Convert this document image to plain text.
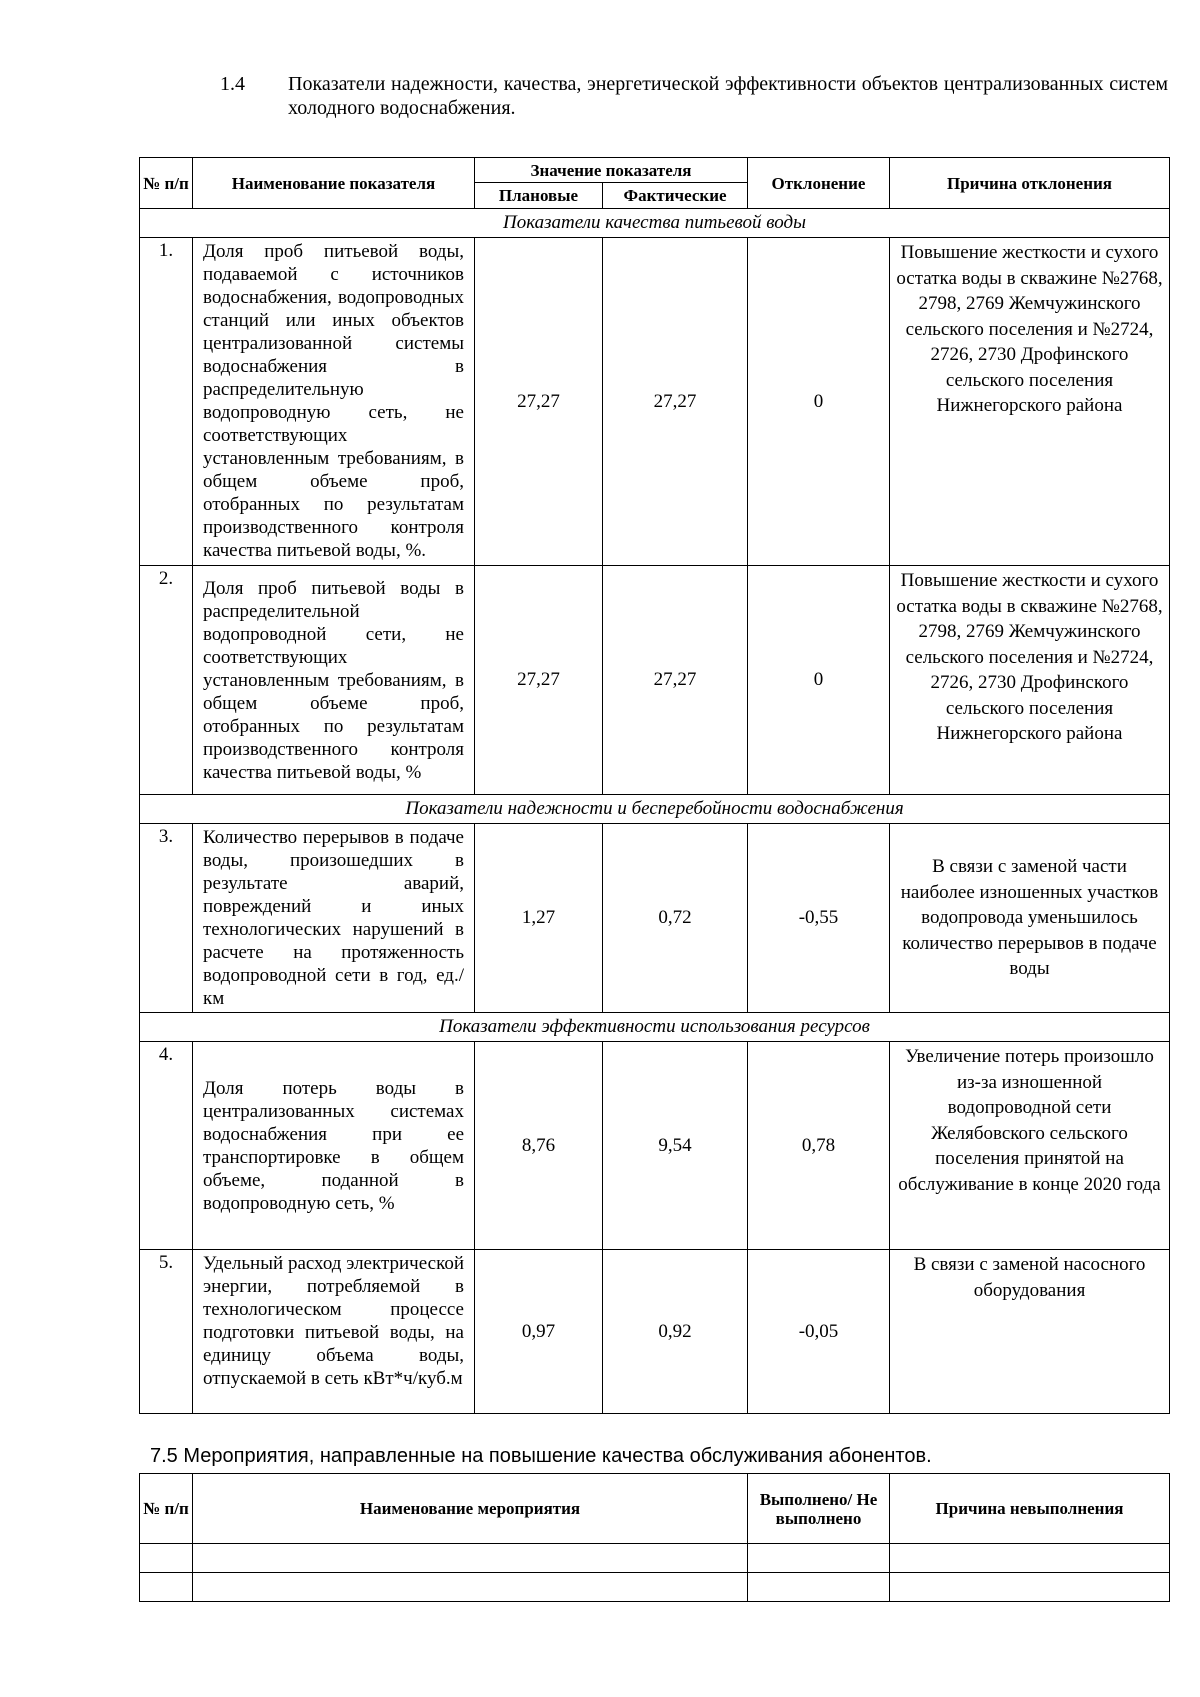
1.4 Показатели надежности, качества, энергетической эффективности объектов централизованных систем холодного водоснабжения.
№ п/п	Наименование показателя	Значение показателя		Отклонение	Причина отклонения
		Плановые	Фактические		
Показатели качества питьевой воды					
1.	Доля проб питьевой воды, подаваемой с источников водоснабжения, водопроводных станций или иных объектов централизованной системы водоснабжения в распределительную водопроводную сеть, не соответствующих установленным требованиям, в общем объеме проб, отобранных по результатам производственного контроля качества питьевой воды, %.	27,27	27,27	0	Повышение жесткости и сухого остатка воды в скважине №2768, 2798, 2769 Жемчужинского сельского поселения и №2724, 2726, 2730 Дрофинского сельского поселения Нижнегорского района
2.	Доля проб питьевой воды в распределительной водопроводной сети, не соответствующих установленным требованиям, в общем объеме проб, отобранных по результатам производственного контроля качества питьевой воды, %	27,27	27,27	0	Повышение жесткости и сухого остатка воды в скважине №2768, 2798, 2769 Жемчужинского сельского поселения и №2724, 2726, 2730 Дрофинского сельского поселения Нижнегорского района
Показатели надежности и бесперебойности водоснабжения					
3.	Количество перерывов в подаче воды, произошедших в результате аварий, повреждений и иных технологических нарушений в расчете на протяженность водопроводной сети в год, ед./км	1,27	0,72	-0,55	В связи с заменой части наиболее изношенных участков водопровода уменьшилось количество перерывов в подаче воды
Показатели эффективности использования ресурсов					
4.	Доля потерь воды в централизованных системах водоснабжения при ее транспортировке в общем объеме, поданной в водопроводную сеть, %	8,76	9,54	0,78	Увеличение потерь произошло из-за изношенной водопроводной сети Желябовского сельского поселения принятой на обслуживание в конце 2020 года
5.	Удельный расход электрической энергии, потребляемой в технологическом процессе подготовки питьевой воды, на единицу объема воды, отпускаемой в сеть кВт*ч/куб.м	0,97	0,92	-0,05	В связи с заменой насосного оборудования
7.5 Мероприятия, направленные на повышение качества обслуживания абонентов.
№ п/п	Наименование мероприятия	Выполнено/ Не выполнено	Причина невыполнения
